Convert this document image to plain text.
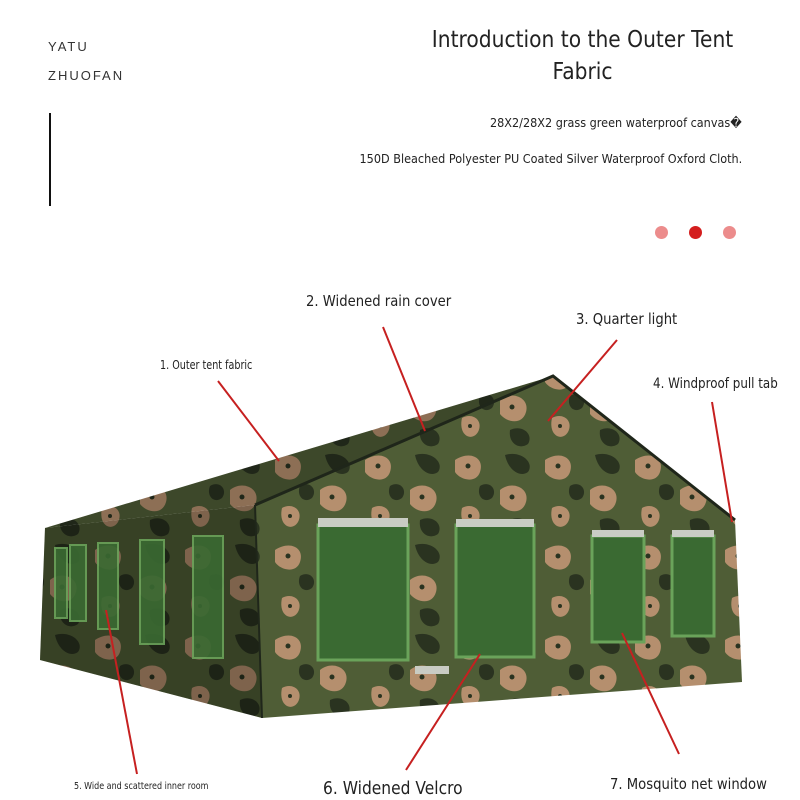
YATU
ZHUOFAN
Introduction to the Outer Tent Fabric
28X2/28X2 grass green waterproof canvas�
150D Bleached Polyester PU Coated Silver Waterproof Oxford Cloth.
1. Outer tent fabric
2. Widened rain cover
3. Quarter light
4. Windproof pull tab
5. Wide and scattered inner room	6. Widened Velcro	7. Mosquito net window
